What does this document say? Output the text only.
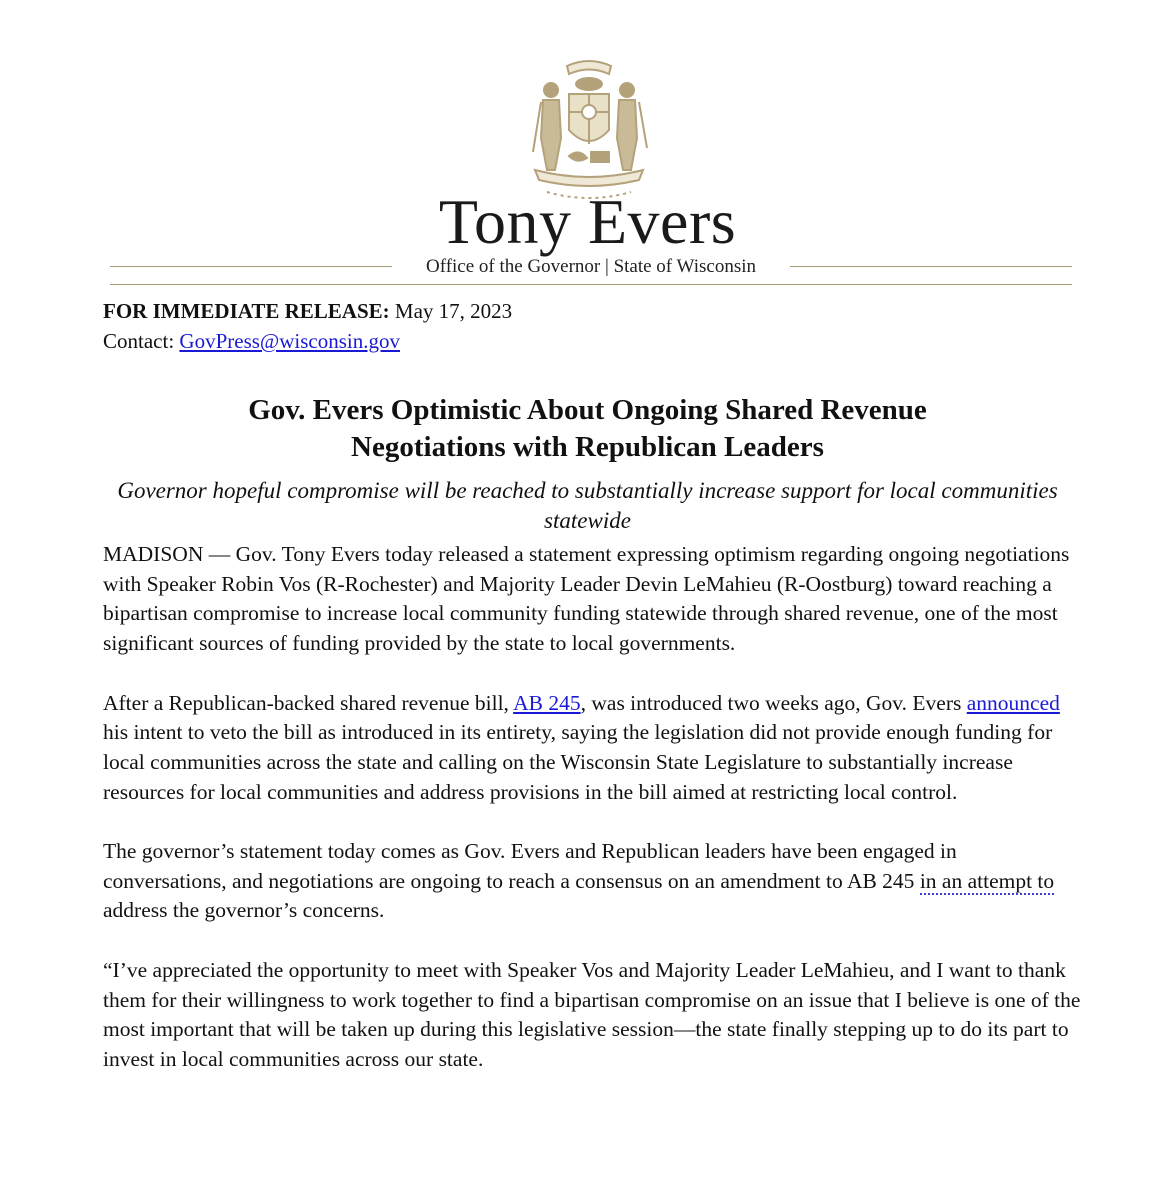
Tony Evers
Office of the Governor | State of Wisconsin
FOR IMMEDIATE RELEASE: May 17, 2023
Contact: GovPress@wisconsin.gov
Gov. Evers Optimistic About Ongoing Shared Revenue
Negotiations with Republican Leaders
Governor hopeful compromise will be reached to substantially increase support for local communities statewide

MADISON — Gov. Tony Evers today released a statement expressing optimism regarding ongoing negotiations with Speaker Robin Vos (R-Rochester) and Majority Leader Devin LeMahieu (R-Oostburg) toward reaching a bipartisan compromise to increase local community funding statewide through shared revenue, one of the most significant sources of funding provided by the state to local governments.

After a Republican-backed shared revenue bill, AB 245, was introduced two weeks ago, Gov. Evers announced his intent to veto the bill as introduced in its entirety, saying the legislation did not provide enough funding for local communities across the state and calling on the Wisconsin State Legislature to substantially increase resources for local communities and address provisions in the bill aimed at restricting local control.

The governor’s statement today comes as Gov. Evers and Republican leaders have been engaged in conversations, and negotiations are ongoing to reach a consensus on an amendment to AB 245 in an attempt to address the governor’s concerns.

“I’ve appreciated the opportunity to meet with Speaker Vos and Majority Leader LeMahieu, and I want to thank them for their willingness to work together to find a bipartisan compromise on an issue that I believe is one of the most important that will be taken up during this legislative session—the state finally stepping up to do its part to invest in local communities across our state.
